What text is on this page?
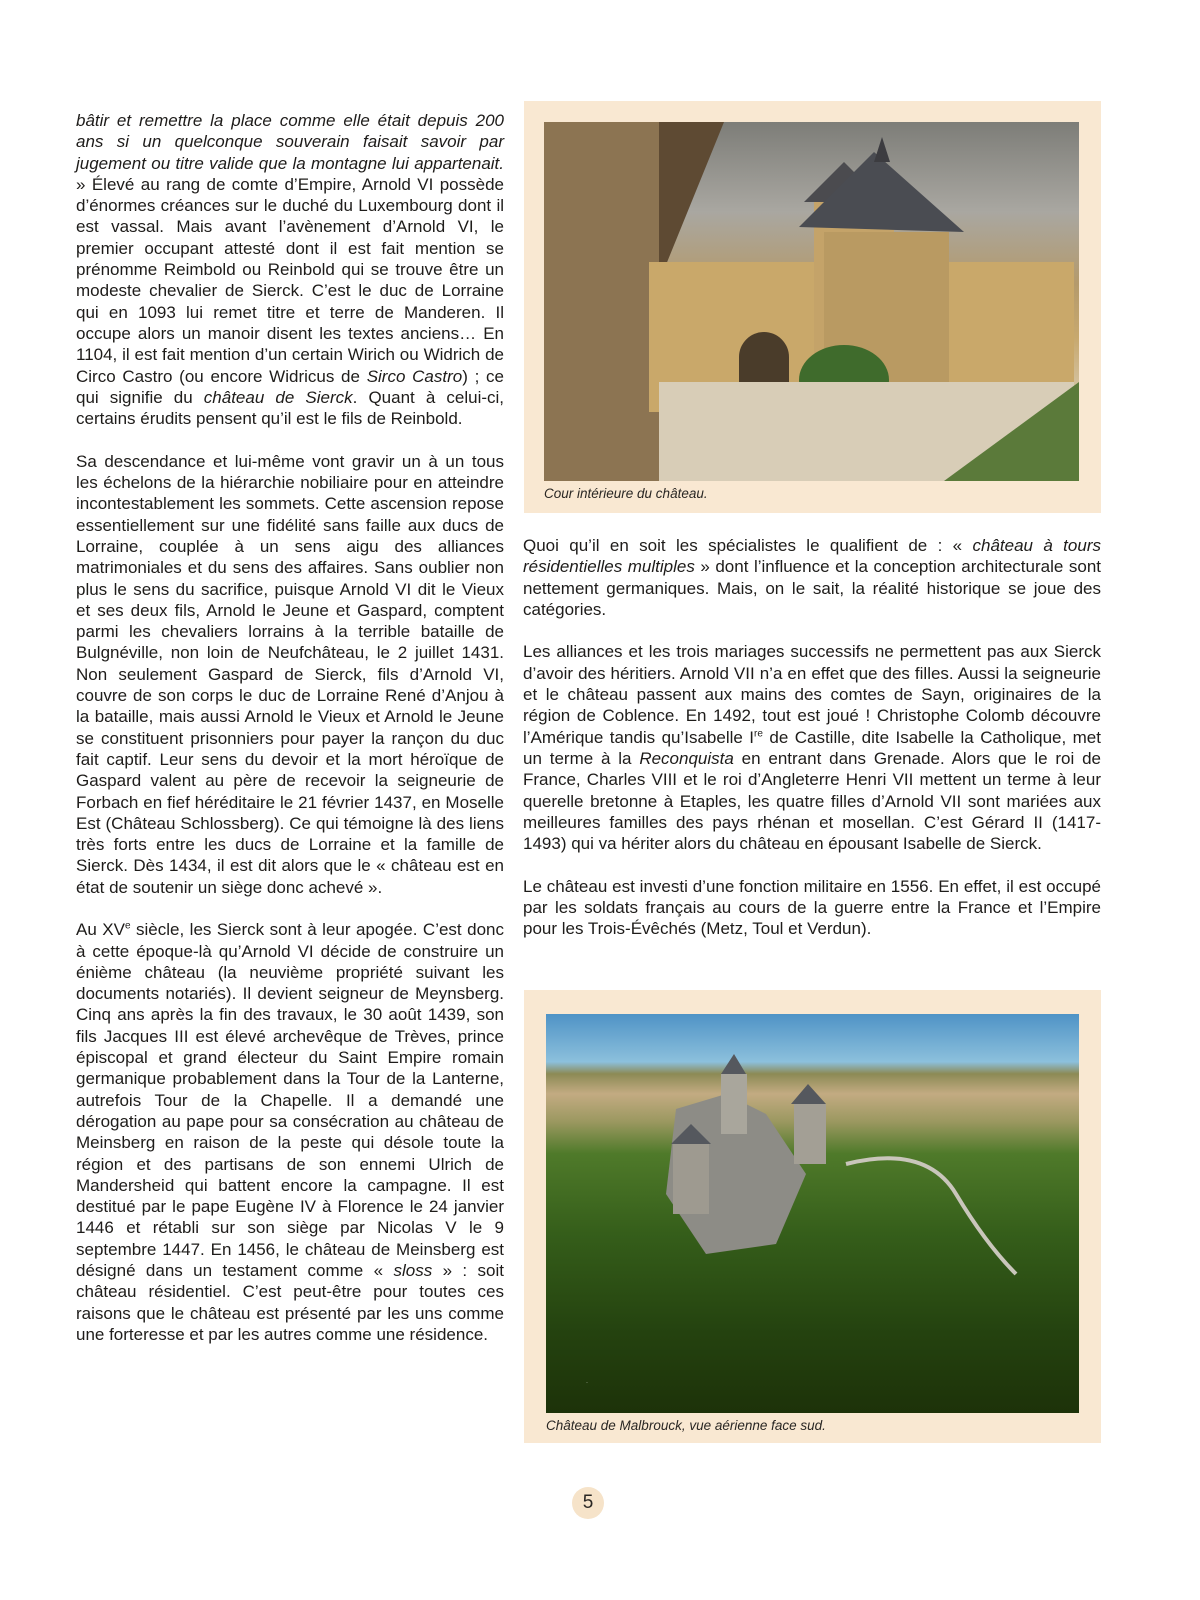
bâtir et remettre la place comme elle était depuis 200 ans si un quelconque souverain faisait savoir par jugement ou titre valide que la montagne lui appartenait. » Élevé au rang de comte d’Empire, Arnold VI possède d’énormes créances sur le duché du Luxembourg dont il est vassal. Mais avant l’avènement d’Arnold VI, le premier occupant attesté dont il est fait mention se prénomme Reimbold ou Reinbold qui se trouve être un modeste chevalier de Sierck. C’est le duc de Lorraine qui en 1093 lui remet titre et terre de Manderen. Il occupe alors un manoir disent les textes anciens… En 1104, il est fait mention d’un certain Wirich ou Widrich de Circo Castro (ou encore Widricus de Sirco Castro) ; ce qui signifie du château de Sierck. Quant à celui-ci, certains érudits pensent qu’il est le fils de Reinbold.

Sa descendance et lui-même vont gravir un à un tous les échelons de la hiérarchie nobiliaire pour en atteindre incontestablement les sommets. Cette ascension repose essentiellement sur une fidélité sans faille aux ducs de Lorraine, couplée à un sens aigu des alliances matrimoniales et du sens des affaires. Sans oublier non plus le sens du sacrifice, puisque Arnold VI dit le Vieux et ses deux fils, Arnold le Jeune et Gaspard, comptent parmi les chevaliers lorrains à la terrible bataille de Bulgnéville, non loin de Neufchâteau, le 2 juillet 1431. Non seulement Gaspard de Sierck, fils d’Arnold VI, couvre de son corps le duc de Lorraine René d’Anjou à la bataille, mais aussi Arnold le Vieux et Arnold le Jeune se constituent prisonniers pour payer la rançon du duc fait captif. Leur sens du devoir et la mort héroïque de Gaspard valent au père de recevoir la seigneurie de Forbach en fief héréditaire le 21 février 1437, en Moselle Est (Château Schlossberg). Ce qui témoigne là des liens très forts entre les ducs de Lorraine et la famille de Sierck. Dès 1434, il est dit alors que le « château est en état de soutenir un siège donc achevé ».

Au XVe siècle, les Sierck sont à leur apogée. C’est donc à cette époque-là qu’Arnold VI décide de construire un énième château (la neuvième propriété suivant les documents notariés). Il devient seigneur de Meynsberg. Cinq ans après la fin des travaux, le 30 août 1439, son fils Jacques III est élevé archevêque de Trèves, prince épiscopal et grand électeur du Saint Empire romain germanique probablement dans la Tour de la Lanterne, autrefois Tour de la Chapelle. Il a demandé une dérogation au pape pour sa consécration au château de Meinsberg en raison de la peste qui désole toute la région et des partisans de son ennemi Ulrich de Mandersheid qui battent encore la campagne. Il est destitué par le pape Eugène IV à Florence le 24 janvier 1446 et rétabli sur son siège par Nicolas V le 9 septembre 1447. En 1456, le château de Meinsberg est désigné dans un testament comme « sloss » : soit château résidentiel. C’est peut-être pour toutes ces raisons que le château est présenté par les uns comme une forteresse et par les autres comme une résidence.

Quoi qu’il en soit les spécialistes le qualifient de : « château à tours résidentielles multiples » dont l’influence et la conception architecturale sont nettement germaniques. Mais, on le sait, la réalité historique se joue des catégories.

Les alliances et les trois mariages successifs ne permettent pas aux Sierck d’avoir des héritiers. Arnold VII n’a en effet que des filles. Aussi la seigneurie et le château passent aux mains des comtes de Sayn, originaires de la région de Coblence. En 1492, tout est joué ! Christophe Colomb découvre l’Amérique tandis qu’Isabelle Ire de Castille, dite Isabelle la Catholique, met un terme à la Reconquista en entrant dans Grenade. Alors que le roi de France, Charles VIII et le roi d’Angleterre Henri VII mettent un terme à leur querelle bretonne à Etaples, les quatre filles d’Arnold VII sont mariées aux meilleures familles des pays rhénan et mosellan. C’est Gérard II (1417-1493) qui va hériter alors du château en épousant Isabelle de Sierck.

Le château est investi d’une fonction militaire en 1556. En effet, il est occupé par les soldats français au cours de la guerre entre la France et l’Empire pour les Trois-Évêchés (Metz, Toul et Verdun).

Cour intérieure du château.
·
Château de Malbrouck, vue aérienne face sud.
5
